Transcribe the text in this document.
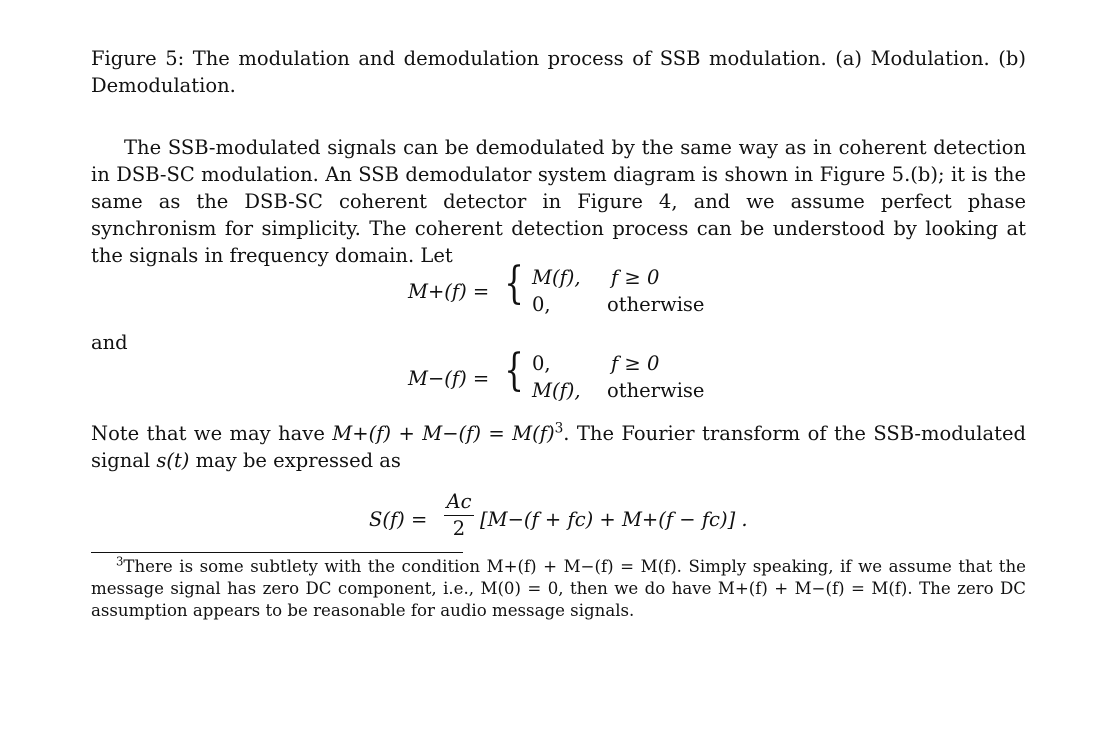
Figure 5: The modulation and demodulation process of SSB modulation. (a) Modulation. (b) Demodulation.
The SSB-modulated signals can be demodulated by the same way as in coherent detection in DSB-SC modulation. An SSB demodulator system diagram is shown in Figure 5.(b); it is the same as the DSB-SC coherent detector in Figure 4, and we assume perfect phase synchronism for simplicity. The coherent detection process can be understood by looking at the signals in frequency domain. Let
M+(f) = { M(f), f ≥ 0
0,	otherwise
and
M−(f) = { 0,	f ≥ 0
M(f), otherwise
Note that we may have $M+(f) + M-(f) = M(f)^3$. The Fourier transform of the SSB-modulated signal s(t) may be expressed as
S(f) =
Ac
2 [M−(f + fc) + M+(f − fc)] .
$^3$There is some subtlety with the condition M+(f) + M−(f) = M(f). Simply speaking, if we assume that the message signal has zero DC component, i.e., M(0) = 0, then we do have M+(f) + M−(f) = M(f). The zero DC assumption appears to be reasonable for audio message signals.
